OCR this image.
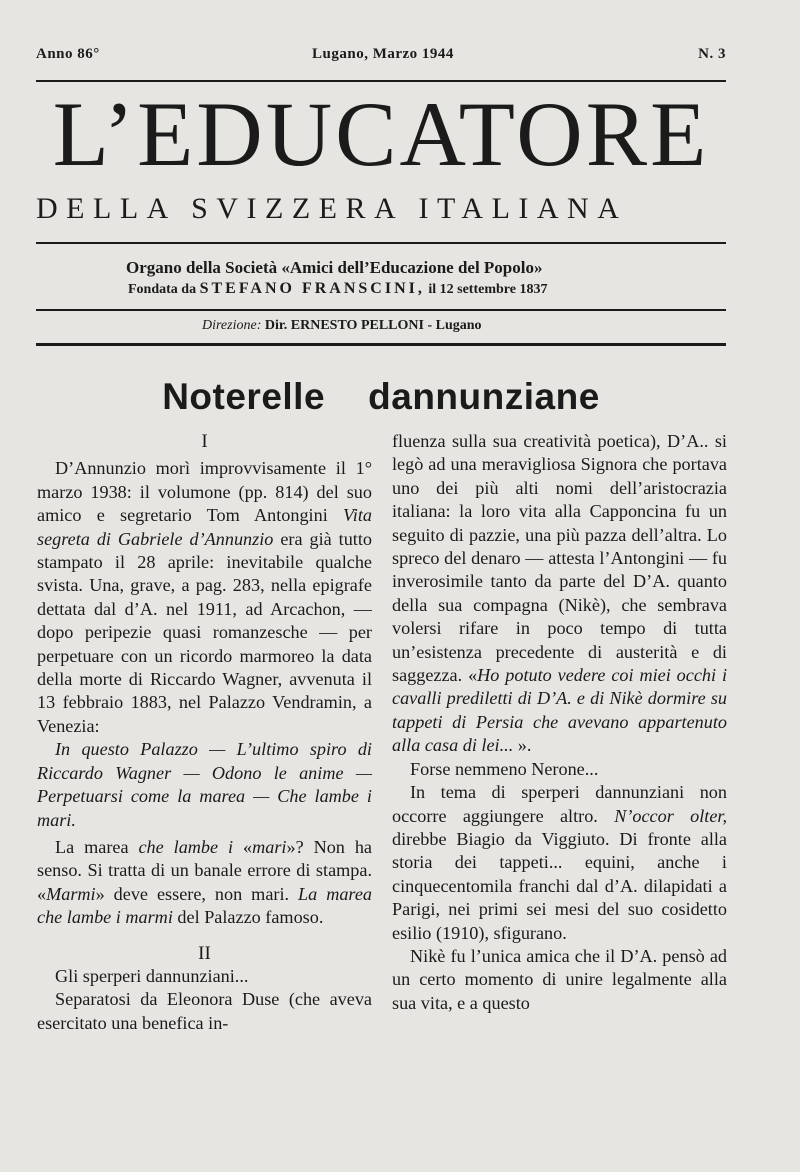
Anno 86°	Lugano, Marzo 1944	N. 3
L’EDUCATORE
DELLA SVIZZERA ITALIANA
Organo della Società «Amici dell’Educazione del Popolo»
Fondata da STEFANO FRANSCINI, il 12 settembre 1837
Direzione: Dir. ERNESTO PELLONI - Lugano
Noterelle    dannunziane

I

D’Annunzio morì improvvisamente il 1° marzo 1938: il volumone (pp. 814) del suo amico e segretario Tom Antongini Vita segreta di Gabriele d’Annunzio era già tutto stampato il 28 aprile: inevitabile qualche svista. Una, grave, a pag. 283, nella epigrafe dettata dal d’A. nel 1911, ad Arcachon, — dopo peripezie quasi romanzesche — per perpetuare con un ricordo marmoreo la data della morte di Riccardo Wagner, avvenuta il 13 febbraio 1883, nel Palazzo Vendramin, a Venezia:

In questo Palazzo — L’ultimo spiro di Riccardo Wagner — Odono le anime — Perpetuarsi come la marea — Che lambe i mari.

La marea che lambe i «mari»? Non ha senso. Si tratta di un banale errore di stampa. «Marmi» deve essere, non mari. La marea che lambe i marmi del Palazzo famoso.

II

Gli sperperi dannunziani...

Separatosi da Eleonora Duse (che aveva esercitato una benefica in-

fluenza sulla sua creatività poetica), D’A.. si legò ad una meravigliosa Signora che portava uno dei più alti nomi dell’aristocrazia italiana: la loro vita alla Capponcina fu un seguito di pazzie, una più pazza dell’altra. Lo spreco del denaro — attesta l’Antongini — fu inverosimile tanto da parte del D’A. quanto della sua compagna (Nikè), che sembrava volersi rifare in poco tempo di tutta un’esistenza precedente di austerità e di saggezza. «Ho potuto vedere coi miei occhi i cavalli prediletti di D’A. e di Nikè dormire su tappeti di Persia che avevano appartenuto alla casa di lei... ».

Forse nemmeno Nerone...

In tema di sperperi dannunziani non occorre aggiungere altro. N’occor olter, direbbe Biagio da Viggiuto. Di fronte alla storia dei tappeti... equini, anche i cinquecentomila franchi dal d’A. dilapidati a Parigi, nei primi sei mesi del suo cosidetto esilio (1910), sfigurano.

Nikè fu l’unica amica che il D’A. pensò ad un certo momento di unire legalmente alla sua vita, e a questo
